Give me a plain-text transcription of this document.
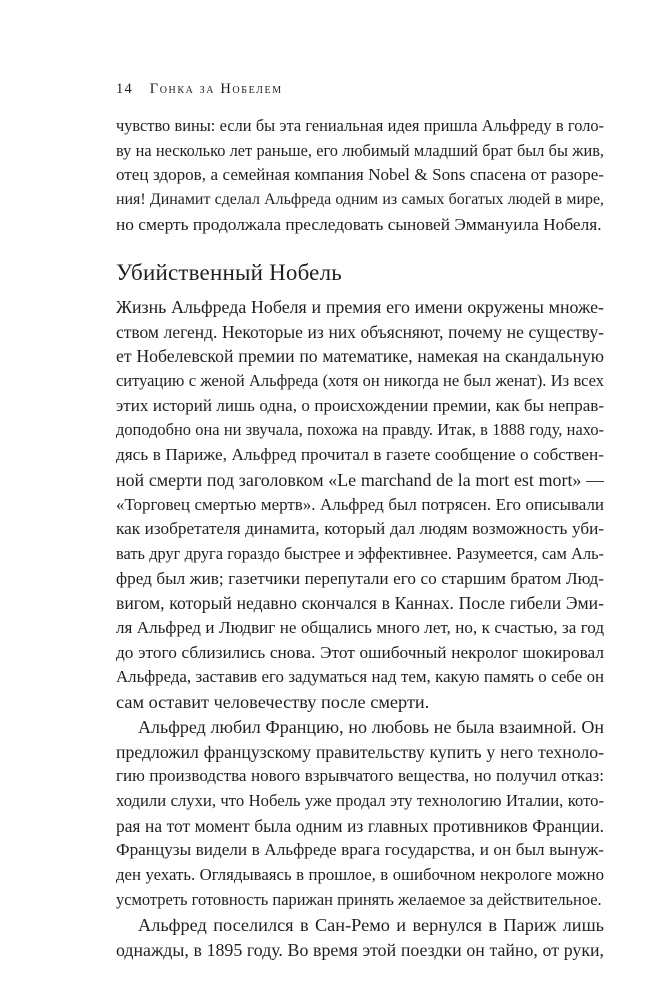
14 Гонка за Нобелем
чувство вины: если бы эта гениальная идея пришла Альфреду в голо-
ву на несколько лет раньше, его любимый младший брат был бы жив,
отец здоров, а семейная компания Nobel & Sons спасена от разоре-
ния! Динамит сделал Альфреда одним из самых богатых людей в мире,
но смерть продолжала преследовать сыновей Эммануила Нобеля.
Убийственный Нобель
Жизнь Альфреда Нобеля и премия его имени окружены множе-
ством легенд. Некоторые из них объясняют, почему не существу-
ет Нобелевской премии по математике, намекая на скандальную
ситуацию с женой Альфреда (хотя он никогда не был женат). Из всех
этих историй лишь одна, о происхождении премии, как бы неправ-
доподобно она ни звучала, похожа на правду. Итак, в 1888 году, нахо-
дясь в Париже, Альфред прочитал в газете сообщение о собствен-
ной смерти под заголовком «Le marchand de la mort est mort» —
«Торговец смертью мертв». Альфред был потрясен. Его описывали
как изобретателя динамита, который дал людям возможность уби-
вать друг друга гораздо быстрее и эффективнее. Разумеется, сам Аль-
фред был жив; газетчики перепутали его со старшим братом Люд-
вигом, который недавно скончался в Каннах. После гибели Эми-
ля Альфред и Людвиг не общались много лет, но, к счастью, за год
до этого сблизились снова. Этот ошибочный некролог шокировал
Альфреда, заставив его задуматься над тем, какую память о себе он
сам оставит человечеству после смерти.
Альфред любил Францию, но любовь не была взаимной. Он
предложил французскому правительству купить у него техноло-
гию производства нового взрывчатого вещества, но получил отказ:
ходили слухи, что Нобель уже продал эту технологию Италии, кото-
рая на тот момент была одним из главных противников Франции.
Французы видели в Альфреде врага государства, и он был вынуж-
ден уехать. Оглядываясь в прошлое, в ошибочном некрологе можно
усмотреть готовность парижан принять желаемое за действительное.
Альфред поселился в Сан-Ремо и вернулся в Париж лишь
однажды, в 1895 году. Во время этой поездки он тайно, от руки,
